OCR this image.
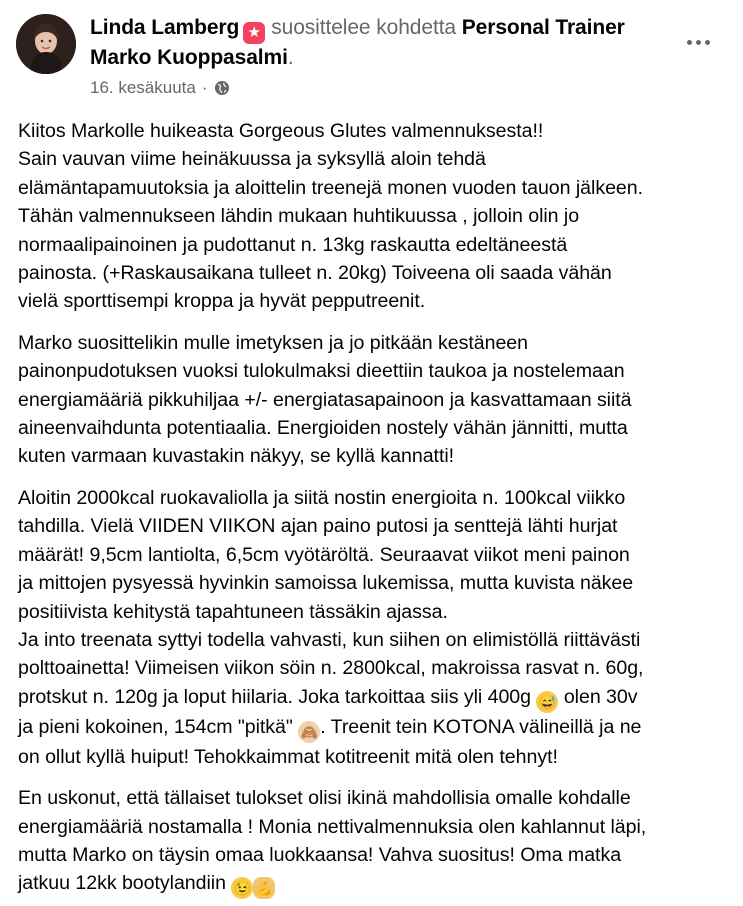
Linda Lamberg ★ suosittelee kohdetta Personal Trainer
Marko Kuoppasalmi.
16. kesäkuuta ·

Kiitos Markolle huikeasta Gorgeous Glutes valmennuksesta!!
Sain vauvan viime heinäkuussa ja syksyllä aloin tehdä
elämäntapamuutoksia ja aloittelin treenejä monen vuoden tauon jälkeen.
Tähän valmennukseen lähdin mukaan huhtikuussa , jolloin olin jo
normaalipainoinen ja pudottanut n. 13kg raskautta edeltäneestä
painosta. (+Raskausaikana tulleet n. 20kg) Toiveena oli saada vähän
vielä sporttisempi kroppa ja hyvät pepputreenit.

Marko suosittelikin mulle imetyksen ja jo pitkään kestäneen
painonpudotuksen vuoksi tulokulmaksi dieettiin taukoa ja nostelemaan
energiamääriä pikkuhiljaa +/- energiatasapainoon ja kasvattamaan siitä
aineenvaihdunta potentiaalia. Energioiden nostely vähän jännitti, mutta
kuten varmaan kuvastakin näkyy, se kyllä kannatti!

Aloitin 2000kcal ruokavaliolla ja siitä nostin energioita n. 100kcal viikko
tahdilla. Vielä VIIDEN VIIKON ajan paino putosi ja senttejä lähti hurjat
määrät! 9,5cm lantiolta, 6,5cm vyötäröltä. Seuraavat viikot meni painon
ja mittojen pysyessä hyvinkin samoissa lukemissa, mutta kuvista näkee
positiivista kehitystä tapahtuneen tässäkin ajassa.
Ja into treenata syttyi todella vahvasti, kun siihen on elimistöllä riittävästi
polttoainetta! Viimeisen viikon söin n. 2800kcal, makroissa rasvat n. 60g,
protskut n. 120g ja loput hiilaria. Joka tarkoittaa siis yli 400g 😅 olen 30v
ja pieni kokoinen, 154cm "pitkä" 🙈 . Treenit tein KOTONA välineillä ja ne
on ollut kyllä huiput! Tehokkaimmat kotitreenit mitä olen tehnyt!

En uskonut, että tällaiset tulokset olisi ikinä mahdollisia omalle kohdalle
energiamääriä nostamalla ! Monia nettivalmennuksia olen kahlannut läpi,
mutta Marko on täysin omaa luokkaansa! Vahva suositus! Oma matka
jatkuu 12kk bootylandiin 😉 💪
